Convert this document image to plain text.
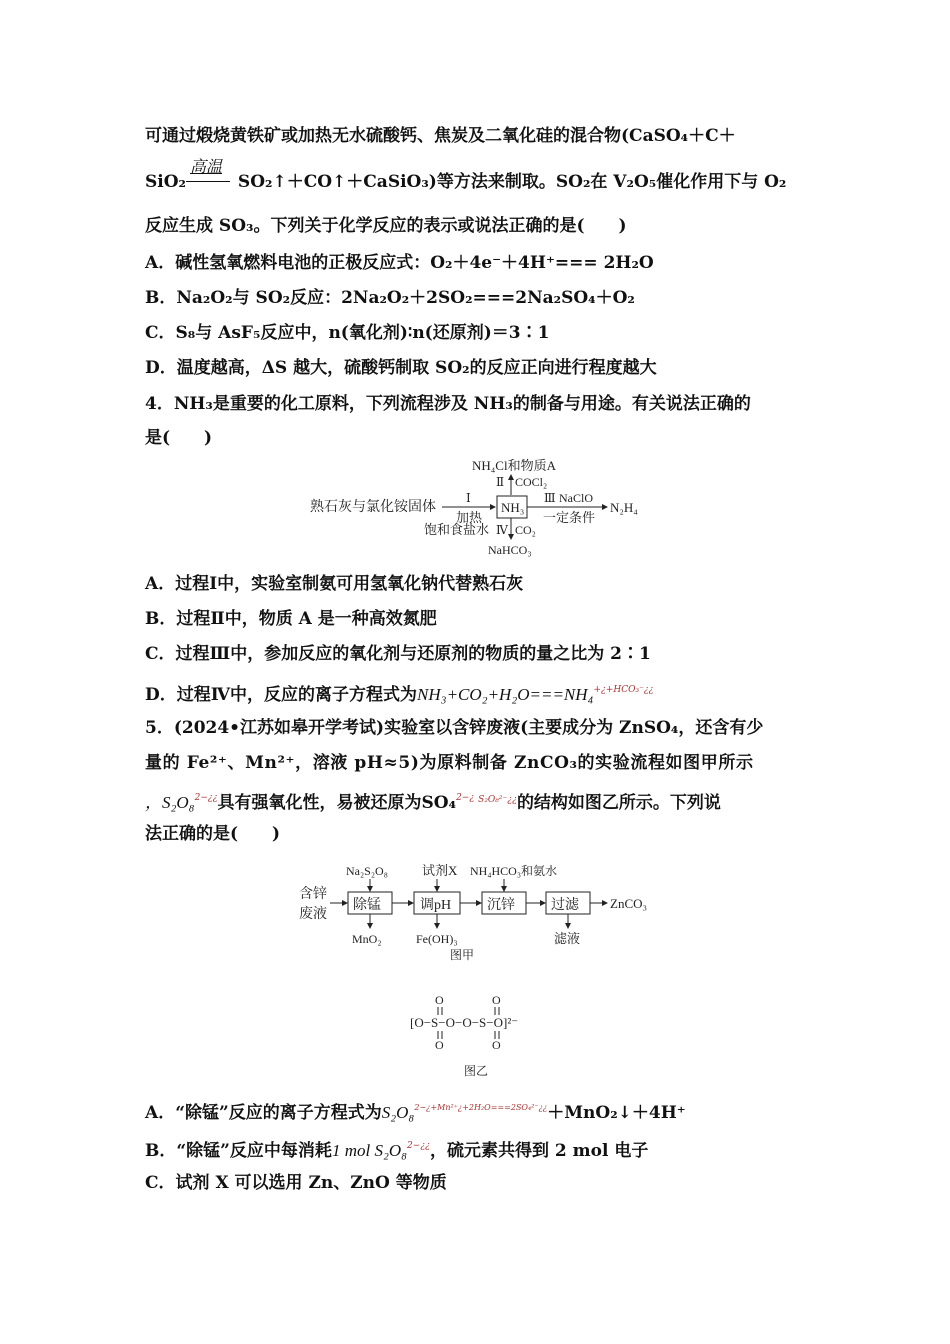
可通过煅烧黄铁矿或加热无水硫酸钙、焦炭及二氧化硅的混合物(CaSO₄＋C＋
SiO₂
高温
SO₂↑＋CO↑＋CaSiO₃)等方法来制取。SO₂在 V₂O₅催化作用下与 O₂
反应生成 SO₃。下列关于化学反应的表示或说法正确的是(　　)
A．碱性氢氧燃料电池的正极反应式：O₂＋4e⁻＋4H⁺=== 2H₂O
B．Na₂O₂与 SO₂反应：2Na₂O₂＋2SO₂===2Na₂SO₄＋O₂
C．S₈与 AsF₅反应中，n(氧化剂)∶n(还原剂)＝3∶1
D．温度越高，ΔS 越大，硫酸钙制取 SO₂的反应正向进行程度越大
4．NH₃是重要的化工原料，下列流程涉及 NH₃的制备与用途。有关说法正确的
是(　　)
NH₄Cl和物质A
Ⅱ COCl₂
熟石灰与氯化铵固体
Ⅰ
加热
NH₃
Ⅲ NaClO
一定条件
N₂H₄
饱和食盐水 Ⅳ CO₂
NaHCO₃
A．过程Ⅰ中，实验室制氨可用氢氧化钠代替熟石灰
B．过程Ⅱ中，物质 A 是一种高效氮肥
C．过程Ⅲ中，参加反应的氧化剂与还原剂的物质的量之比为 2∶1
D．过程Ⅳ中，反应的离子方程式为NH₃+CO₂+H₂O===NH₄$^{+¿+HCO_3^-¿¿}$
5．(2024•江苏如皋开学考试)实验室以含锌废液(主要成分为 ZnSO₄，还含有少
量的 Fe²⁺、Mn²⁺，溶液 pH≈5)为原料制备 ZnCO₃的实验流程如图甲所示
，S₂O₈$^{2-¿¿}$具有强氧化性，易被还原为SO₄$^{2-¿}$ $^{S_2O_8^{2-}¿¿}$的结构如图乙所示。下列说
法正确的是(　　)
含锌
废液
除锰	调pH	沉锌	过滤 ZnCO₃
Na₂S₂O₈	试剂X NH₄HCO₃和氨水
MnO₂	Fe(OH)₃	滤液
图甲
O	O
[O−S−O−O−S−O]²⁻
O	O
图乙
A．“除锰”反应的离子方程式为S₂O₈$^{2-¿+Mn^{2+}¿+2H_2O===2SO_4^{2-}¿¿}$＋MnO₂↓＋4H⁺
B．“除锰”反应中每消耗1 mol S₂O₈$^{2-¿¿}$，硫元素共得到 2 mol 电子
C．试剂 X 可以选用 Zn、ZnO 等物质
